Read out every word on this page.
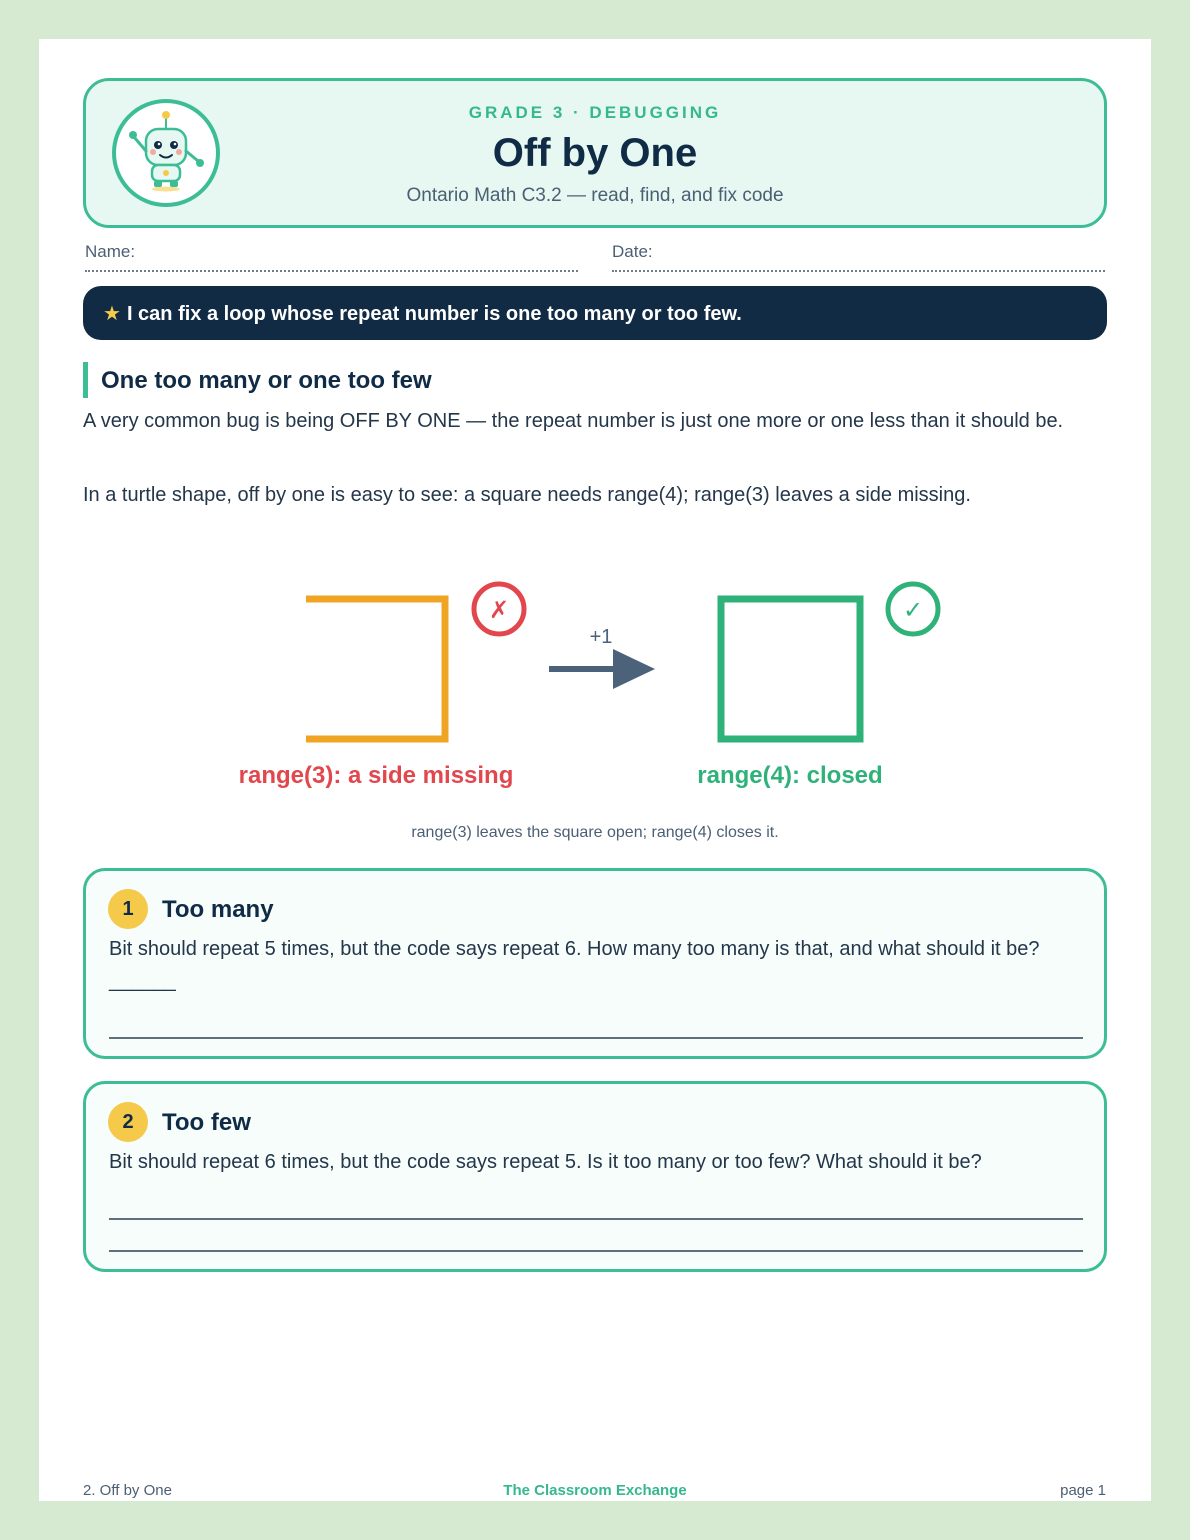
GRADE 3 · DEBUGGING
Off by One
Ontario Math C3.2 — read, find, and fix code
Name:	Date:
★ I can fix a loop whose repeat number is one too many or too few.
One too many or one too few

A very common bug is being OFF BY ONE — the repeat number is just one more or one less than it should be.

In a turtle shape, off by one is easy to see: a square needs range(4); range(3) leaves a side missing.

✗
range(3): a side missing
+1
✓
range(4): closed
range(3) leaves the square open; range(4) closes it.
1	Too many

Bit should repeat 5 times, but the code says repeat 6. How many too many is that, and what should it be? ______

2	Too few

Bit should repeat 6 times, but the code says repeat 5. Is it too many or too few? What should it be?

2. Off by One	The Classroom Exchange	page 1
